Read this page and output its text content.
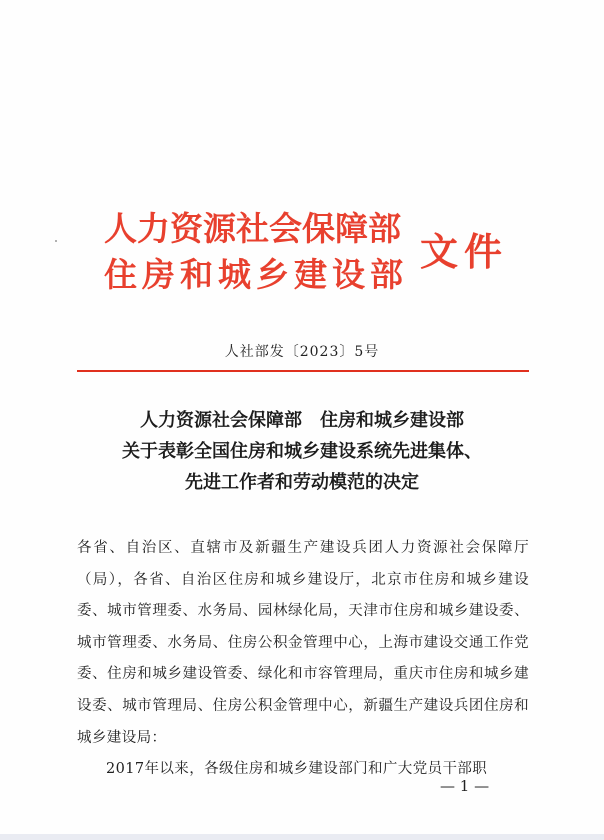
人力资源社会保障部
住房和城乡建设部
文件
人社部发〔2023〕5号
人力资源社会保障部　住房和城乡建设部
关于表彰全国住房和城乡建设系统先进集体、
先进工作者和劳动模范的决定

各省、自治区、直辖市及新疆生产建设兵团人力资源社会保障厅（局），各省、自治区住房和城乡建设厅，北京市住房和城乡建设委、城市管理委、水务局、园林绿化局，天津市住房和城乡建设委、城市管理委、水务局、住房公积金管理中心，上海市建设交通工作党委、住房和城乡建设管委、绿化和市容管理局，重庆市住房和城乡建设委、城市管理局、住房公积金管理中心，新疆生产建设兵团住房和城乡建设局：

2017年以来，各级住房和城乡建设部门和广大党员干部职

— 1 —
